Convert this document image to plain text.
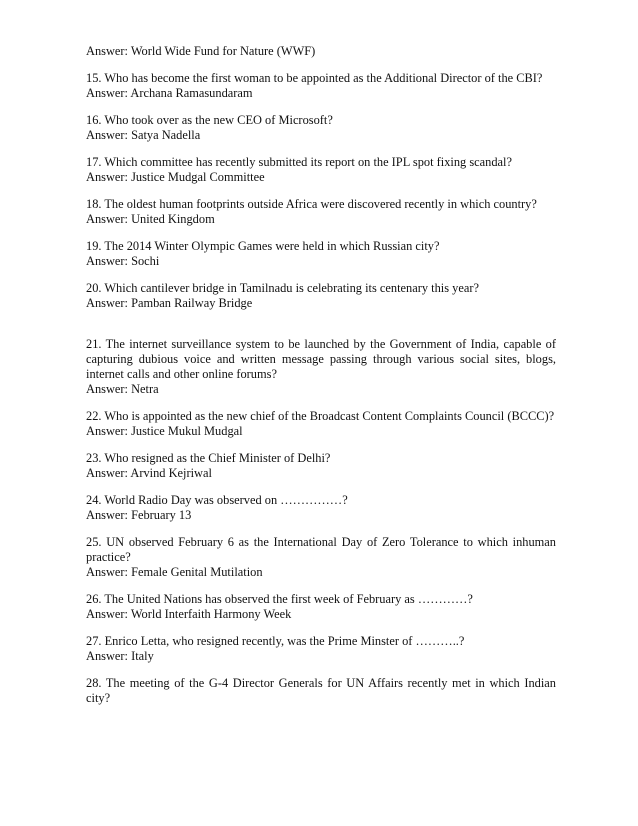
Answer: World Wide Fund for Nature (WWF)
15. Who has become the first woman to be appointed as the Additional Director of the CBI?
Answer: Archana Ramasundaram
16. Who took over as the new CEO of Microsoft?
Answer: Satya Nadella
17. Which committee has recently submitted its report on the IPL spot fixing scandal?
Answer: Justice Mudgal Committee
18. The oldest human footprints outside Africa were discovered recently in which country?
Answer: United Kingdom
19. The 2014 Winter Olympic Games were held in which Russian city?
Answer: Sochi
20. Which cantilever bridge in Tamilnadu is celebrating its centenary this year?
Answer: Pamban Railway Bridge
21. The internet surveillance system to be launched by the Government of India, capable of capturing dubious voice and written message passing through various social sites, blogs, internet calls and other online forums?
Answer: Netra
22. Who is appointed as the new chief of the Broadcast Content Complaints Council (BCCC)?
Answer: Justice Mukul Mudgal
23. Who resigned as the Chief Minister of Delhi?
Answer: Arvind Kejriwal
24. World Radio Day was observed on ……………?
Answer: February 13
25. UN observed February 6 as the International Day of Zero Tolerance to which inhuman practice?
Answer: Female Genital Mutilation
26. The United Nations has observed the first week of February as …………?
Answer: World Interfaith Harmony Week
27. Enrico Letta, who resigned recently, was the Prime Minster of ………..?
Answer: Italy
28. The meeting of the G-4 Director Generals for UN Affairs recently met in which Indian city?
